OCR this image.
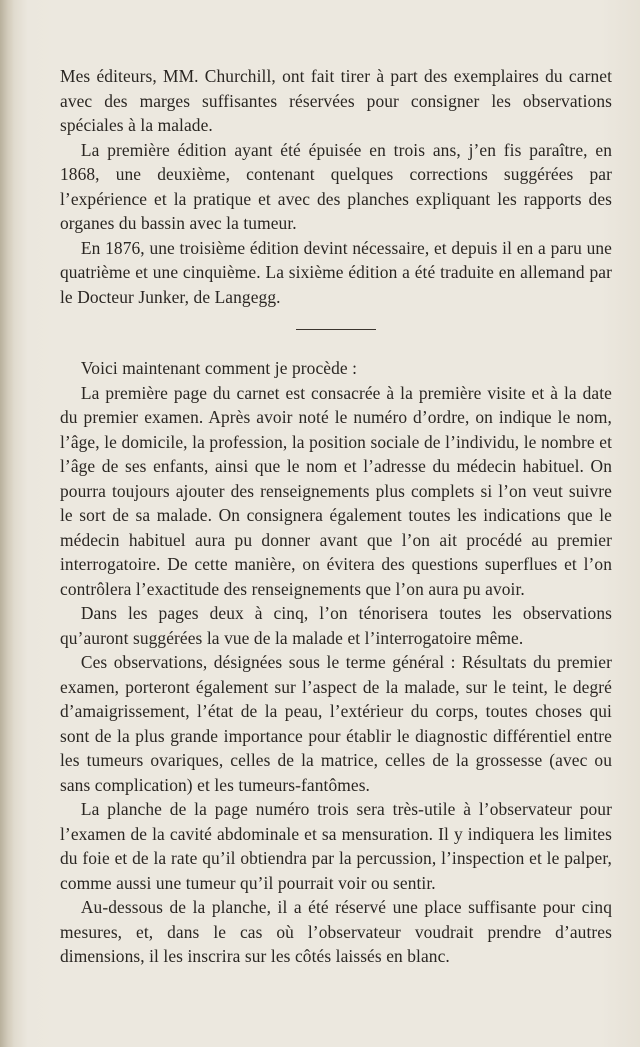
Mes éditeurs, MM. Churchill, ont fait tirer à part des exemplaires du carnet avec des marges suffisantes réservées pour consigner les observations spéciales à la malade.

La première édition ayant été épuisée en trois ans, j’en fis paraître, en 1868, une deuxième, contenant quelques corrections suggérées par l’expérience et la pratique et avec des planches expliquant les rapports des organes du bassin avec la tumeur.

En 1876, une troisième édition devint nécessaire, et depuis il en a paru une quatrième et une cinquième. La sixième édition a été traduite en allemand par le Docteur Junker, de Langegg.

Voici maintenant comment je procède :

La première page du carnet est consacrée à la première visite et à la date du premier examen. Après avoir noté le numéro d’ordre, on indique le nom, l’âge, le domicile, la profession, la position sociale de l’individu, le nombre et l’âge de ses enfants, ainsi que le nom et l’adresse du médecin habituel. On pourra toujours ajouter des renseignements plus complets si l’on veut suivre le sort de sa malade. On consignera également toutes les indications que le médecin habituel aura pu donner avant que l’on ait procédé au premier interrogatoire. De cette manière, on évitera des questions superflues et l’on contrôlera l’exactitude des renseignements que l’on aura pu avoir.

Dans les pages deux à cinq, l’on ténorisera toutes les observations qu’auront suggérées la vue de la malade et l’interrogatoire même.

Ces observations, désignées sous le terme général : Résultats du premier examen, porteront également sur l’aspect de la malade, sur le teint, le degré d’amaigrissement, l’état de la peau, l’extérieur du corps, toutes choses qui sont de la plus grande importance pour établir le diagnostic différentiel entre les tumeurs ovariques, celles de la matrice, celles de la grossesse (avec ou sans complication) et les tumeurs-fantômes.

La planche de la page numéro trois sera très-utile à l’observateur pour l’examen de la cavité abdominale et sa mensuration. Il y indiquera les limites du foie et de la rate qu’il obtiendra par la percussion, l’inspection et le palper, comme aussi une tumeur qu’il pourrait voir ou sentir.

Au-dessous de la planche, il a été réservé une place suffisante pour cinq mesures, et, dans le cas où l’observateur voudrait prendre d’autres dimensions, il les inscrira sur les côtés laissés en blanc.
